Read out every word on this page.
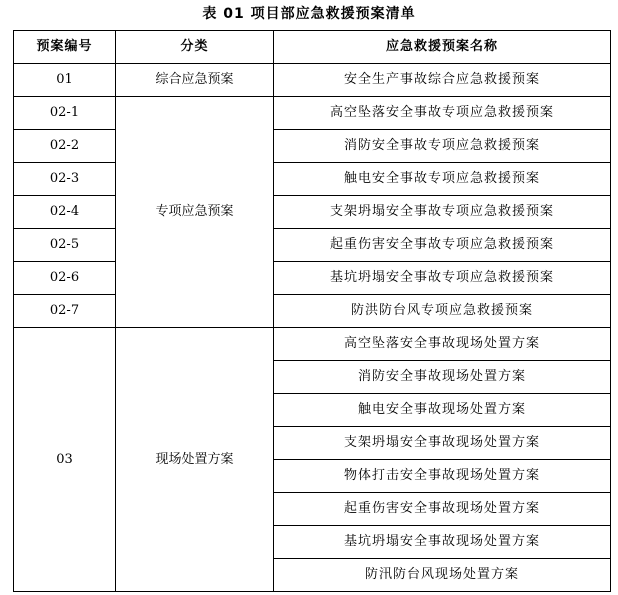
表 01 项目部应急救援预案清单
预案编号	分类	应急救援预案名称
01	综合应急预案	安全生产事故综合应急救援预案
02-1	专项应急预案	高空坠落安全事故专项应急救援预案
02-2		消防安全事故专项应急救援预案
02-3		触电安全事故专项应急救援预案
02-4		支架坍塌安全事故专项应急救援预案
02-5		起重伤害安全事故专项应急救援预案
02-6		基坑坍塌安全事故专项应急救援预案
02-7		防洪防台风专项应急救援预案
03	现场处置方案	高空坠落安全事故现场处置方案
		消防安全事故现场处置方案
		触电安全事故现场处置方案
		支架坍塌安全事故现场处置方案
		物体打击安全事故现场处置方案
		起重伤害安全事故现场处置方案
		基坑坍塌安全事故现场处置方案
		防汛防台风现场处置方案
